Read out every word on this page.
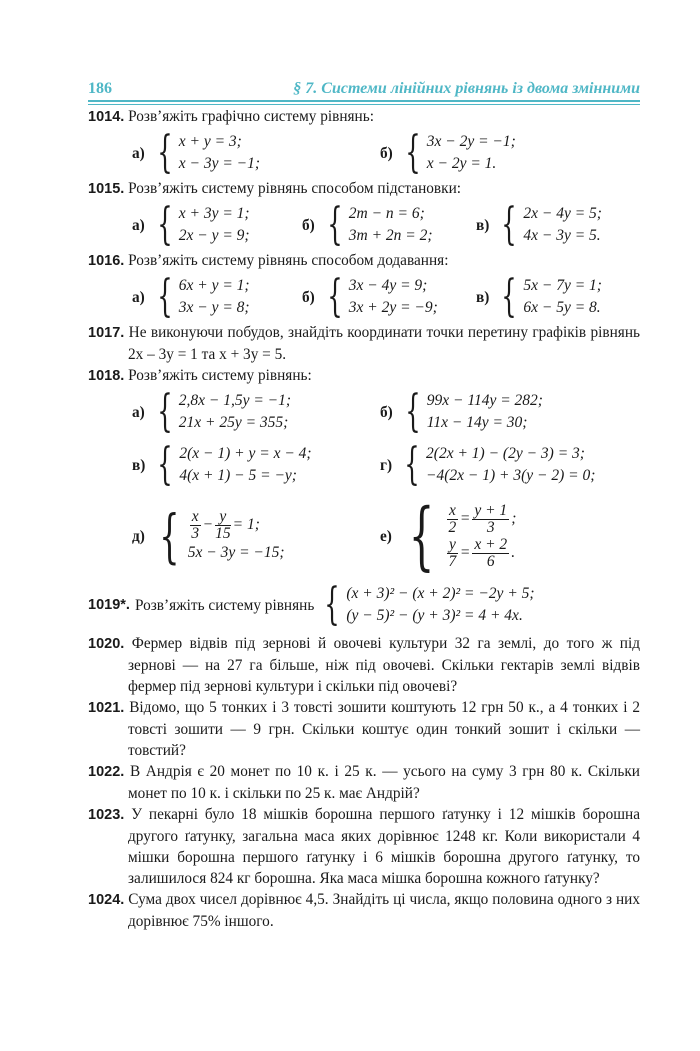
186	§ 7. Системи лінійних рівнянь із двома змінними

1014. Розв’яжіть графічно систему рівнянь:

а) { x + y = 3;
x − 3y = −1;
б) { 3x − 2y = −1;
x − 2y = 1.

1015. Розв’яжіть систему рівнянь способом підстановки:

а) { x + 3y = 1;
2x − y = 9;
б) { 2m − n = 6;
3m + 2n = 2;
в) { 2x − 4y = 5;
4x − 3y = 5.

1016. Розв’яжіть систему рівнянь способом додавання:

а) { 6x + y = 1;
3x − y = 8;
б) { 3x − 4y = 9;
3x + 2y = −9;
в) { 5x − 7y = 1;
6x − 5y = 8.

1017. Не виконуючи побудов, знайдіть координати точки перетину графіків рівнянь 2x – 3y = 1 та x + 3y = 5.

1018. Розв’яжіть систему рівнянь:

а) { 2,8x − 1,5y = −1;
21x + 25y = 355;
б) { 99x − 114y = 282;
11x − 14y = 30;
в) { 2(x − 1) + y = x − 4;
4(x + 1) − 5 = −y;
г) { 2(2x + 1) − (2y − 3) = 3;
−4(2x − 1) + 3(y − 2) = 0;
д) { $\frac{x}{3} - \frac{y}{15} = 1$;
5x − 3y = −15;
е) { $\frac{x}{2} = \frac{y + 1}{3}$ ;
$\frac{y}{7} = \frac{x + 2}{6}$ .
1019*. Розв’яжіть систему рівнянь { (x + 3)² − (x + 2)² = −2y + 5;
(y − 5)² − (y + 3)² = 4 + 4x.

1020. Фермер відвів під зернові й овочеві культури 32 га землі, до того ж під зернові — на 27 га більше, ніж під овочеві. Скільки гектарів землі відвів фермер під зернові культури і скільки під овочеві?

1021. Відомо, що 5 тонких і 3 товсті зошити коштують 12 грн 50 к., а 4 тонких і 2 товсті зошити — 9 грн. Скільки коштує один тонкий зошит і скільки — товстий?

1022. В Андрія є 20 монет по 10 к. і 25 к. — усього на суму 3 грн 80 к. Скільки монет по 10 к. і скільки по 25 к. має Андрій?

1023. У пекарні було 18 мішків борошна першого ґатунку і 12 мішків борошна другого ґатунку, загальна маса яких дорівнює 1248 кг. Коли використали 4 мішки борошна першого ґатунку і 6 мішків борошна другого ґатунку, то залишилося 824 кг борошна. Яка маса мішка борошна кожного ґатунку?

1024. Сума двох чисел дорівнює 4,5. Знайдіть ці числа, якщо половина одного з них дорівнює 75% іншого.
